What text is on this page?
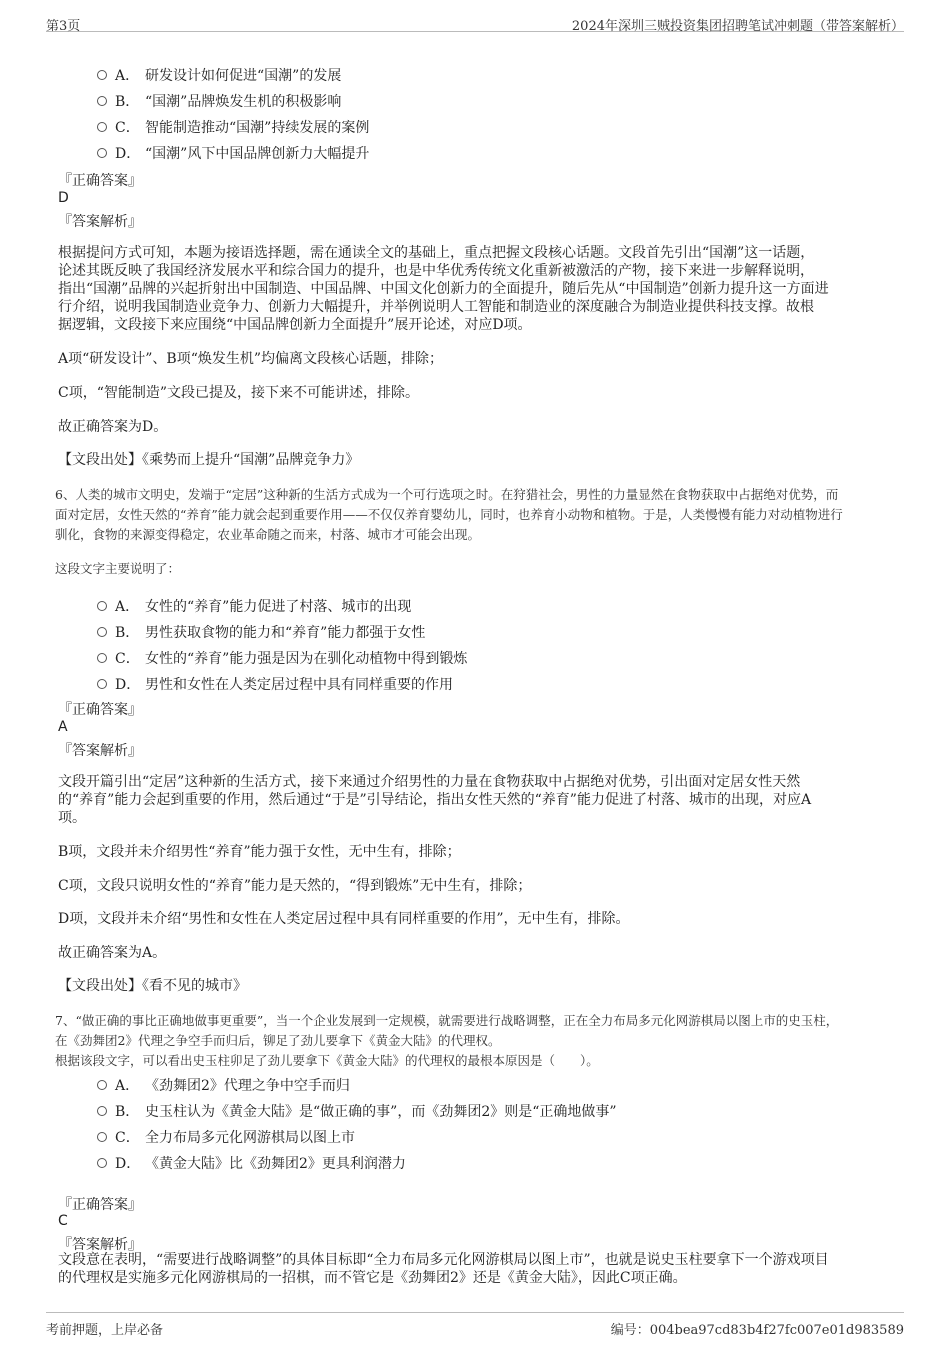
第3页	2024年深圳三贼投资集团招聘笔试冲刺题（带答案解析）
A． 研发设计如何促进“国潮”的发展
B． “国潮”品牌焕发生机的积极影响
C． 智能制造推动“国潮”持续发展的案例
D． “国潮”风下中国品牌创新力大幅提升
『正确答案』
D
『答案解析』
根据提问方式可知，本题为接语选择题，需在通读全文的基础上，重点把握文段核心话题。文段首先引出“国潮”这一话题，
论述其既反映了我国经济发展水平和综合国力的提升，也是中华优秀传统文化重新被激活的产物，接下来进一步解释说明，
指出“国潮”品牌的兴起折射出中国制造、中国品牌、中国文化创新力的全面提升，随后先从“中国制造”创新力提升这一方面进
行介绍，说明我国制造业竞争力、创新力大幅提升，并举例说明人工智能和制造业的深度融合为制造业提供科技支撑。故根
据逻辑，文段接下来应围绕“中国品牌创新力全面提升”展开论述，对应D项。
A项“研发设计”、B项“焕发生机”均偏离文段核心话题，排除；
C项，“智能制造”文段已提及，接下来不可能讲述，排除。
故正确答案为D。
【文段出处】《乘势而上提升“国潮”品牌竞争力》
6、人类的城市文明史，发端于“定居”这种新的生活方式成为一个可行选项之时。在狩猎社会，男性的力量显然在食物获取中占据绝对优势，而
面对定居，女性天然的“养育”能力就会起到重要作用——不仅仅养育婴幼儿，同时，也养育小动物和植物。于是，人类慢慢有能力对动植物进行
驯化，食物的来源变得稳定，农业革命随之而来，村落、城市才可能会出现。
这段文字主要说明了：
A． 女性的“养育”能力促进了村落、城市的出现
B． 男性获取食物的能力和“养育”能力都强于女性
C． 女性的“养育”能力强是因为在驯化动植物中得到锻炼
D． 男性和女性在人类定居过程中具有同样重要的作用
『正确答案』
A
『答案解析』
文段开篇引出“定居”这种新的生活方式，接下来通过介绍男性的力量在食物获取中占据绝对优势，引出面对定居女性天然
的“养育”能力会起到重要的作用，然后通过“于是”引导结论，指出女性天然的“养育”能力促进了村落、城市的出现，对应A
项。
B项，文段并未介绍男性“养育”能力强于女性，无中生有，排除；
C项，文段只说明女性的“养育”能力是天然的，“得到锻炼”无中生有，排除；
D项，文段并未介绍“男性和女性在人类定居过程中具有同样重要的作用”，无中生有，排除。
故正确答案为A。
【文段出处】《看不见的城市》
7、“做正确的事比正确地做事更重要”，当一个企业发展到一定规模，就需要进行战略调整，正在全力布局多元化网游棋局以图上市的史玉柱，
在《劲舞团2》代理之争空手而归后，铆足了劲儿要拿下《黄金大陆》的代理权。
根据该段文字，可以看出史玉柱卯足了劲儿要拿下《黄金大陆》的代理权的最根本原因是（　　）。
A． 《劲舞团2》代理之争中空手而归
B． 史玉柱认为《黄金大陆》是“做正确的事”，而《劲舞团2》则是“正确地做事”
C． 全力布局多元化网游棋局以图上市
D． 《黄金大陆》比《劲舞团2》更具利润潜力
『正确答案』
C
『答案解析』
文段意在表明，“需要进行战略调整”的具体目标即“全力布局多元化网游棋局以图上市”，也就是说史玉柱要拿下一个游戏项目
的代理权是实施多元化网游棋局的一招棋，而不管它是《劲舞团2》还是《黄金大陆》，因此C项正确。
考前押题，上岸必备	编号：004bea97cd83b4f27fc007e01d983589
